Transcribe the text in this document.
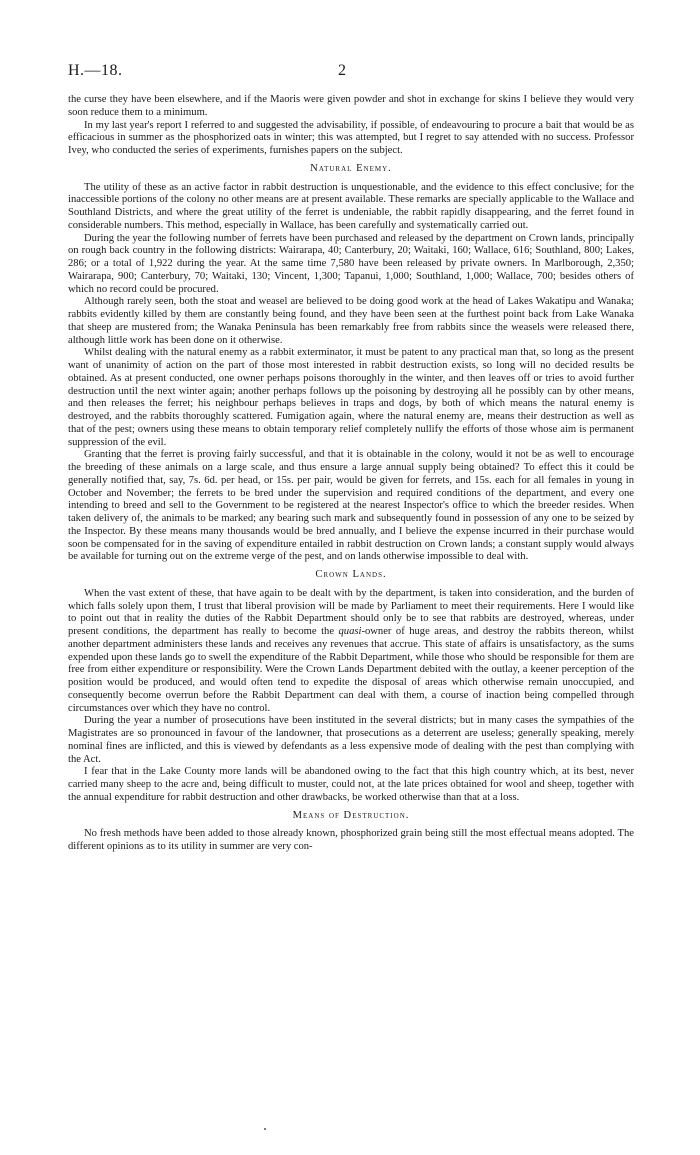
H.—18.	2

the curse they have been elsewhere, and if the Maoris were given powder and shot in exchange for skins I believe they would very soon reduce them to a minimum.

In my last year's report I referred to and suggested the advisability, if possible, of endeavouring to procure a bait that would be as efficacious in summer as the phosphorized oats in winter; this was attempted, but I regret to say attended with no success. Professor Ivey, who conducted the series of experiments, furnishes papers on the subject.

Natural Enemy.

The utility of these as an active factor in rabbit destruction is unquestionable, and the evidence to this effect conclusive; for the inaccessible portions of the colony no other means are at present available. These remarks are specially applicable to the Wallace and Southland Districts, and where the great utility of the ferret is undeniable, the rabbit rapidly disappearing, and the ferret found in considerable numbers. This method, especially in Wallace, has been carefully and systematically carried out.

During the year the following number of ferrets have been purchased and released by the department on Crown lands, principally on rough back country in the following districts: Wairarapa, 40; Canterbury, 20; Waitaki, 160; Wallace, 616; Southland, 800; Lakes, 286; or a total of 1,922 during the year. At the same time 7,580 have been released by private owners. In Marlborough, 2,350; Wairarapa, 900; Canterbury, 70; Waitaki, 130; Vincent, 1,300; Tapanui, 1,000; Southland, 1,000; Wallace, 700; besides others of which no record could be procured.

Although rarely seen, both the stoat and weasel are believed to be doing good work at the head of Lakes Wakatipu and Wanaka; rabbits evidently killed by them are constantly being found, and they have been seen at the furthest point back from Lake Wanaka that sheep are mustered from; the Wanaka Peninsula has been remarkably free from rabbits since the weasels were released there, although little work has been done on it otherwise.

Whilst dealing with the natural enemy as a rabbit exterminator, it must be patent to any practical man that, so long as the present want of unanimity of action on the part of those most interested in rabbit destruction exists, so long will no decided results be obtained. As at present conducted, one owner perhaps poisons thoroughly in the winter, and then leaves off or tries to avoid further destruction until the next winter again; another perhaps follows up the poisoning by destroying all he possibly can by other means, and then releases the ferret; his neighbour perhaps believes in traps and dogs, by both of which means the natural enemy is destroyed, and the rabbits thoroughly scattered. Fumigation again, where the natural enemy are, means their destruction as well as that of the pest; owners using these means to obtain temporary relief completely nullify the efforts of those whose aim is permanent suppression of the evil.

Granting that the ferret is proving fairly successful, and that it is obtainable in the colony, would it not be as well to encourage the breeding of these animals on a large scale, and thus ensure a large annual supply being obtained? To effect this it could be generally notified that, say, 7s. 6d. per head, or 15s. per pair, would be given for ferrets, and 15s. each for all females in young in October and November; the ferrets to be bred under the supervision and required conditions of the department, and every one intending to breed and sell to the Government to be registered at the nearest Inspector's office to which the breeder resides. When taken delivery of, the animals to be marked; any bearing such mark and subsequently found in possession of any one to be seized by the Inspector. By these means many thousands would be bred annually, and I believe the expense incurred in their purchase would soon be compensated for in the saving of expenditure entailed in rabbit destruction on Crown lands; a constant supply would always be available for turning out on the extreme verge of the pest, and on lands otherwise impossible to deal with.

Crown Lands.

When the vast extent of these, that have again to be dealt with by the department, is taken into consideration, and the burden of which falls solely upon them, I trust that liberal provision will be made by Parliament to meet their requirements. Here I would like to point out that in reality the duties of the Rabbit Department should only be to see that rabbits are destroyed, whereas, under present conditions, the department has really to become the quasi-owner of huge areas, and destroy the rabbits thereon, whilst another department administers these lands and receives any revenues that accrue. This state of affairs is unsatisfactory, as the sums expended upon these lands go to swell the expenditure of the Rabbit Department, while those who should be responsible for them are free from either expenditure or responsibility. Were the Crown Lands Department debited with the outlay, a keener perception of the position would be produced, and would often tend to expedite the disposal of areas which otherwise remain unoccupied, and consequently become overrun before the Rabbit Department can deal with them, a course of inaction being compelled through circumstances over which they have no control.

During the year a number of prosecutions have been instituted in the several districts; but in many cases the sympathies of the Magistrates are so pronounced in favour of the landowner, that prosecutions as a deterrent are useless; generally speaking, merely nominal fines are inflicted, and this is viewed by defendants as a less expensive mode of dealing with the pest than complying with the Act.

I fear that in the Lake County more lands will be abandoned owing to the fact that this high country which, at its best, never carried many sheep to the acre and, being difficult to muster, could not, at the late prices obtained for wool and sheep, together with the annual expenditure for rabbit destruction and other drawbacks, be worked otherwise than that at a loss.

Means of Destruction.

No fresh methods have been added to those already known, phosphorized grain being still the most effectual means adopted. The different opinions as to its utility in summer are very con-
